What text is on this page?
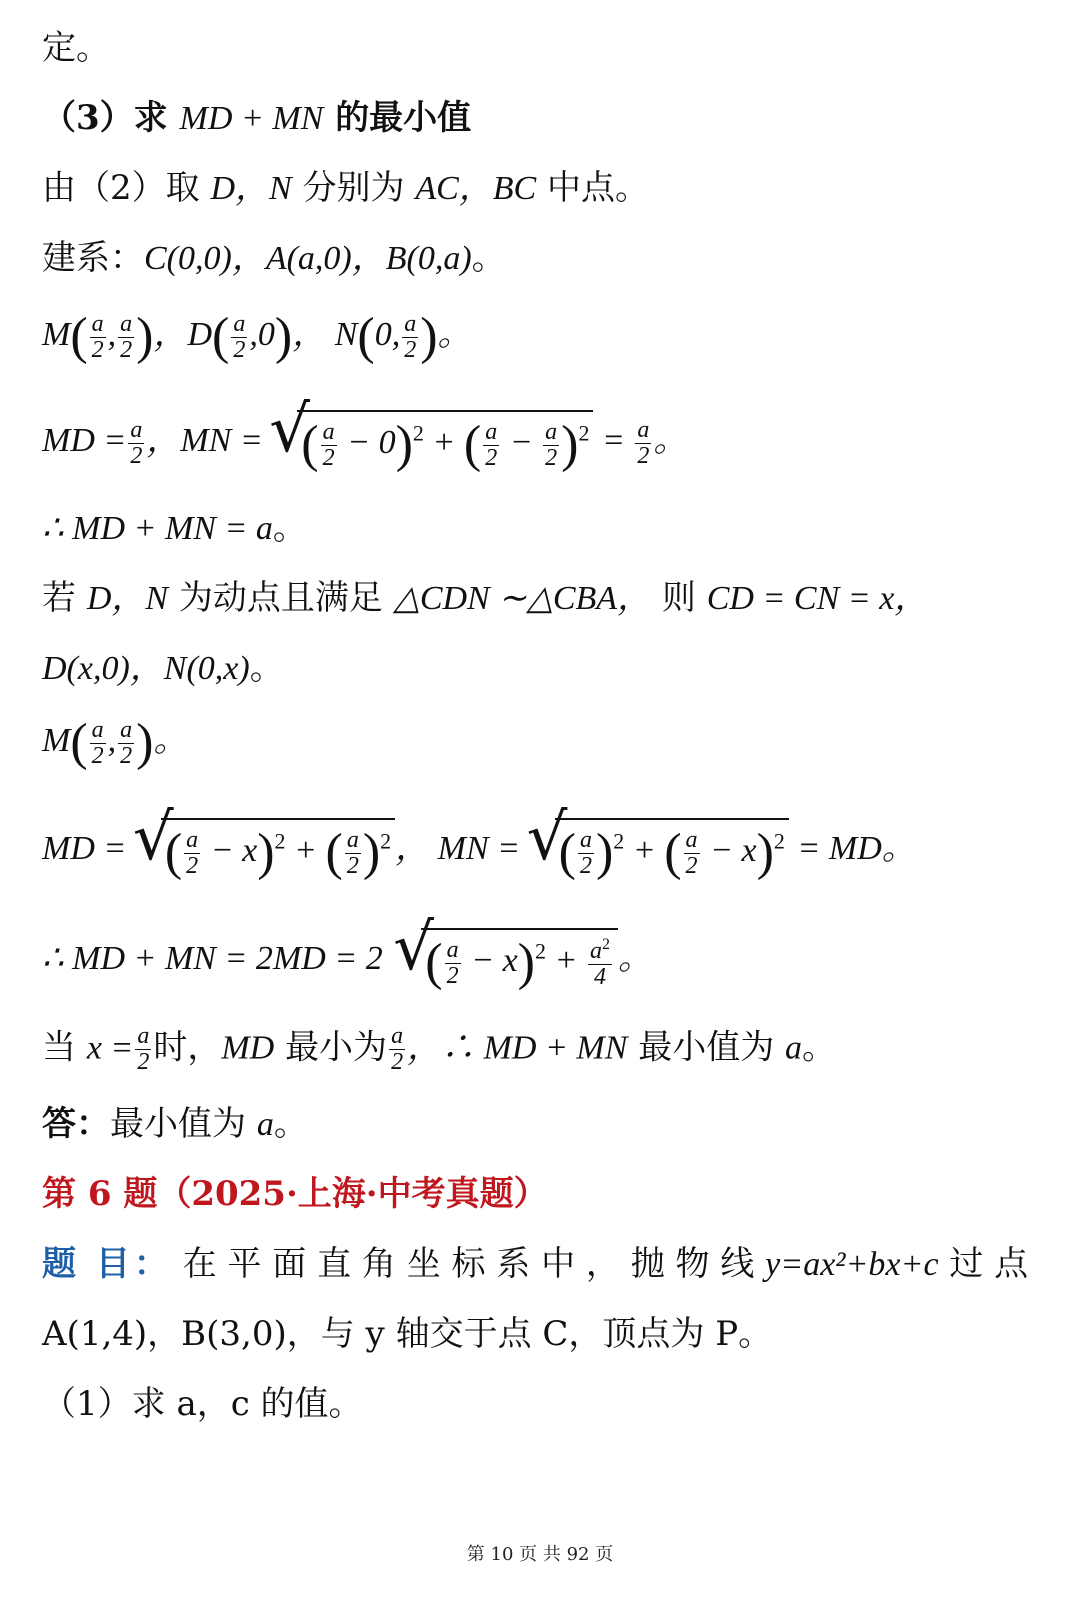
定。
（3）求 MD + MN 的最小值
由（2）取 D，N 分别为 AC，BC 中点。
建系：C(0,0)，A(a,0)，B(0,a)。
$M( \frac{a}{2}$ , $\frac{a}{2}$ )，$D( \frac{a}{2} ,0)$， N(0, $\frac{a}{2}$ )。
MD = $\frac{a}{2}$ ，MN = √ ( $\frac{a}{2} - 0)^2$ + ( $\frac{a}{2} - \frac{a}{2} )^2 = \frac{a}{2}$ 。
∴ MD + MN = a。
若 D，N 为动点且满足 △CDN ∼△CBA， 则 CD = CN = x，
D(x,0)，N(0,x)。
$M( \frac{a}{2}$ , $\frac{a}{2}$ )。
MD = √ ( $\frac{a}{2} - x)^2$ + ( $\frac{a}{2} )^2$ ， MN = √ ( $\frac{a}{2} )^2$ + ( $\frac{a}{2} - x)^2$ = MD。
∴ MD + MN = 2MD = 2 √ ( $\frac{a}{2} - x)^2 + \frac{a^2}{4}$ 。
当 $x = \frac{a}{2}$ 时，MD 最小为 $\frac{a}{2}$ ，∴ MD + MN 最小值为 a。
答：最小值为 a。
第 6 题（2025·上海·中考真题）
题 目： 在 平 面 直 角 坐 标 系 中 ， 抛 物 线 y=ax²+bx+c 过 点
A(1,4)，B(3,0)，与 y 轴交于点 C，顶点为 P。
（1）求 a，c 的值。
第 10 页 共 92 页
